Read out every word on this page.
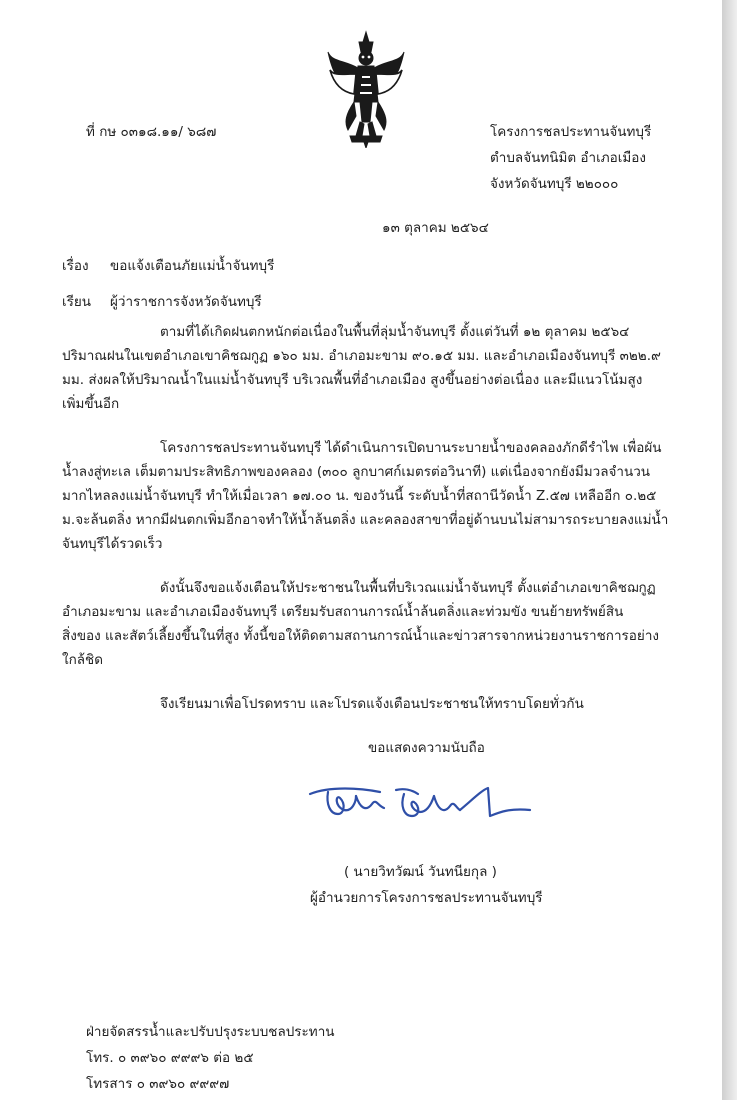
ที่ กษ ๐๓๑๘.๑๑/ ๖๘๗	โครงการชลประทานจันทบุรี
ตำบลจันทนิมิต อำเภอเมือง
จังหวัดจันทบุรี ๒๒๐๐๐
๑๓ ตุลาคม ๒๕๖๔
เรื่อง ขอแจ้งเตือนภัยแม่น้ำจันทบุรี
เรียน ผู้ว่าราชการจังหวัดจันทบุรี
ตามที่ได้เกิดฝนตกหนักต่อเนื่องในพื้นที่ลุ่มน้ำจันทบุรี ตั้งแต่วันที่ ๑๒ ตุลาคม ๒๕๖๔
ปริมาณฝนในเขตอำเภอเขาคิชฌกูฏ ๑๖๐ มม. อำเภอมะขาม ๙๐.๑๕ มม. และอำเภอเมืองจันทบุรี ๓๒๒.๙
มม. ส่งผลให้ปริมาณน้ำในแม่น้ำจันทบุรี บริเวณพื้นที่อำเภอเมือง สูงขึ้นอย่างต่อเนื่อง และมีแนวโน้มสูง
เพิ่มขึ้นอีก
โครงการชลประทานจันทบุรี ได้ดำเนินการเปิดบานระบายน้ำของคลองภักดีรำไพ เพื่อผัน
น้ำลงสู่ทะเล เต็มตามประสิทธิภาพของคลอง (๓๐๐ ลูกบาศก์เมตรต่อวินาที) แต่เนื่องจากยังมีมวลจำนวน
มากไหลลงแม่น้ำจันทบุรี ทำให้เมื่อเวลา ๑๗.๐๐ น. ของวันนี้ ระดับน้ำที่สถานีวัดน้ำ Z.๕๗ เหลืออีก ๐.๒๕
ม.จะล้นตลิ่ง หากมีฝนตกเพิ่มอีกอาจทำให้น้ำล้นตลิ่ง และคลองสาขาที่อยู่ด้านบนไม่สามารถระบายลงแม่น้ำ
จันทบุรีได้รวดเร็ว
ดังนั้นจึงขอแจ้งเตือนให้ประชาชนในพื้นที่บริเวณแม่น้ำจันทบุรี ตั้งแต่อำเภอเขาคิชฌกูฏ
อำเภอมะขาม และอำเภอเมืองจันทบุรี เตรียมรับสถานการณ์น้ำล้นตลิ่งและท่วมขัง ขนย้ายทรัพย์สิน
สิ่งของ และสัตว์เลี้ยงขึ้นในที่สูง ทั้งนี้ขอให้ติดตามสถานการณ์น้ำและข่าวสารจากหน่วยงานราชการอย่าง
ใกล้ชิด
จึงเรียนมาเพื่อโปรดทราบ และโปรดแจ้งเตือนประชาชนให้ทราบโดยทั่วกัน
ขอแสดงความนับถือ
( นายวิทวัฒน์ วันทนียกุล )
ผู้อำนวยการโครงการชลประทานจันทบุรี
ฝ่ายจัดสรรน้ำและปรับปรุงระบบชลประทาน
โทร. ๐ ๓๙๖๐ ๙๙๙๖ ต่อ ๒๕
โทรสาร ๐ ๓๙๖๐ ๙๙๙๗
